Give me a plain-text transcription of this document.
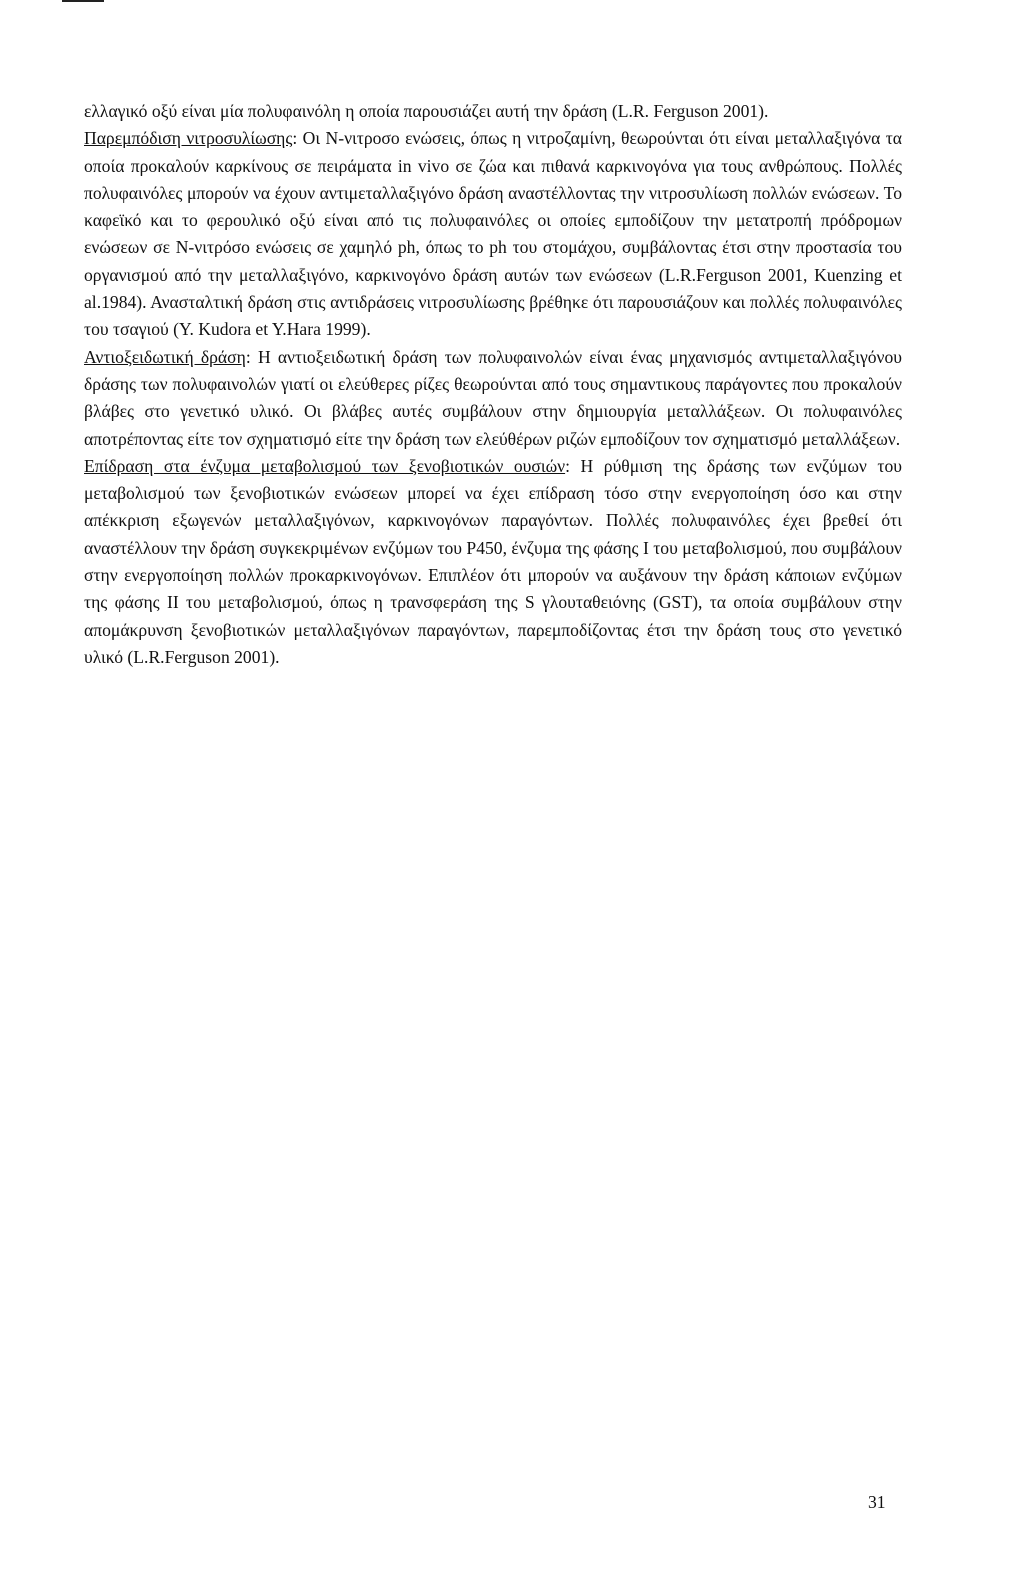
ελλαγικό οξύ είναι μία πολυφαινόλη η οποία παρουσιάζει αυτή την δράση (L.R. Ferguson 2001).

Παρεμπόδιση νιτροσυλίωσης: Οι Ν-νιτροσο ενώσεις, όπως η νιτροζαμίνη, θεωρούνται ότι είναι μεταλλαξιγόνα τα οποία προκαλούν καρκίνους σε πειράματα in vivo σε ζώα και πιθανά καρκινογόνα για τους ανθρώπους. Πολλές πολυφαινόλες μπορούν να έχουν αντιμεταλλαξιγόνο δράση αναστέλλοντας την νιτροσυλίωση πολλών ενώσεων. Το καφεϊκό και το φερουλικό οξύ είναι από τις πολυφαινόλες οι οποίες εμποδίζουν την μετατροπή πρόδρομων ενώσεων σε Ν-νιτρόσο ενώσεις σε χαμηλό ph, όπως το ph του στομάχου, συμβάλοντας έτσι στην προστασία του οργανισμού από την μεταλλαξιγόνο, καρκινογόνο δράση αυτών των ενώσεων (L.R.Ferguson 2001, Kuenzing et al.1984). Ανασταλτική δράση στις αντιδράσεις νιτροσυλίωσης βρέθηκε ότι παρουσιάζουν και πολλές πολυφαινόλες του τσαγιού (Y. Kudora et Y.Hara 1999).

Αντιοξειδωτική δράση: Η αντιοξειδωτική δράση των πολυφαινολών είναι ένας μηχανισμός αντιμεταλλαξιγόνου δράσης των πολυφαινολών γιατί οι ελεύθερες ρίζες θεωρούνται από τους σημαντικους παράγοντες που προκαλούν βλάβες στο γενετικό υλικό. Οι βλάβες αυτές συμβάλουν στην δημιουργία μεταλλάξεων. Οι πολυφαινόλες αποτρέποντας είτε τον σχηματισμό είτε την δράση των ελεύθέρων ριζών εμποδίζουν τον σχηματισμό μεταλλάξεων.

Επίδραση στα ένζυμα μεταβολισμού των ξενοβιοτικών ουσιών: Η ρύθμιση της δράσης των ενζύμων του μεταβολισμού των ξενοβιοτικών ενώσεων μπορεί να έχει επίδραση τόσο στην ενεργοποίηση όσο και στην απέκκριση εξωγενών μεταλλαξιγόνων, καρκινογόνων παραγόντων. Πολλές πολυφαινόλες έχει βρεθεί ότι αναστέλλουν την δράση συγκεκριμένων ενζύμων του Ρ450, ένζυμα της φάσης Ι του μεταβολισμού, που συμβάλουν στην ενεργοποίηση πολλών προκαρκινογόνων. Επιπλέον ότι μπορούν να αυξάνουν την δράση κάποιων ενζύμων της φάσης ΙΙ του μεταβολισμού, όπως η τρανσφεράση της S γλουταθειόνης (GST), τα οποία συμβάλουν στην απομάκρυνση ξενοβιοτικών μεταλλαξιγόνων παραγόντων, παρεμποδίζοντας έτσι την δράση τους στο γενετικό υλικό (L.R.Ferguson 2001).

31
